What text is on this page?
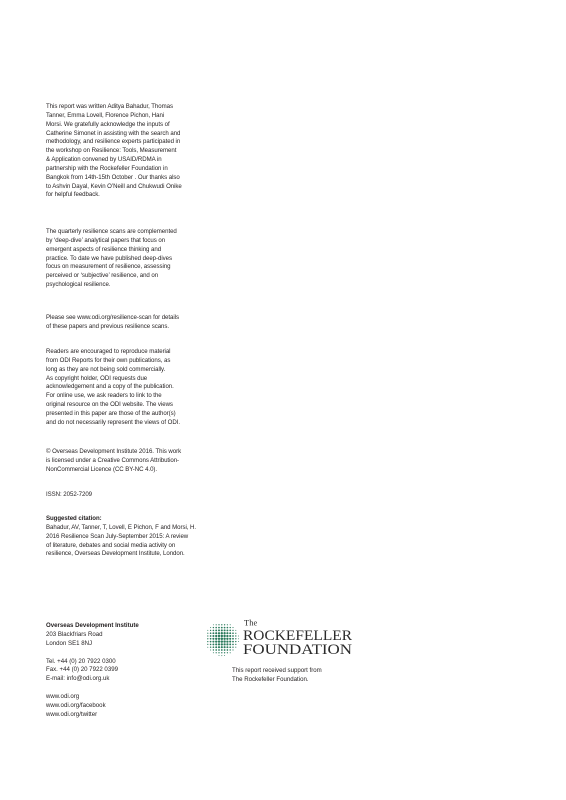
This report was written Aditya Bahadur, Thomas
Tanner, Emma Lovell, Florence Pichon, Hani
Morsi. We gratefully acknowledge the inputs of
Catherine Simonet in assisting with the search and
methodology, and resilience experts participated in
the workshop on Resilience: Tools, Measurement
& Application convened by USAID/RDMA in
partnership with the Rockefeller Foundation in
Bangkok from 14th-15th October . Our thanks also
to Ashvin Dayal, Kevin O’Neill and Chukwudi Onike
for helpful feedback.
The quarterly resilience scans are complemented
by ‘deep-dive’ analytical papers that focus on
emergent aspects of resilience thinking and
practice. To date we have published deep-dives
focus on measurement of resilience, assessing
perceived or ‘subjective’ resilience, and on
psychological resilience.
Please see www.odi.org/resilience-scan for details
of these papers and previous resilience scans.
Readers are encouraged to reproduce material
from ODI Reports for their own publications, as
long as they are not being sold commercially.
As copyright holder, ODI requests due
acknowledgement and a copy of the publication.
For online use, we ask readers to link to the
original resource on the ODI website. The views
presented in this paper are those of the author(s)
and do not necessarily represent the views of ODI.
© Overseas Development Institute 2016. This work
is licensed under a Creative Commons Attribution-
NonCommercial Licence (CC BY-NC 4.0).
ISSN: 2052-7209
Suggested citation:
Bahadur, AV, Tanner, T, Lovell, E Pichon, F and Morsi, H.
2016 Resilience Scan July-September 2015: A review
of literature, debates and social media activity on
resilience, Overseas Development Institute, London.
Overseas Development Institute
203 Blackfriars Road
London SE1 8NJ
Tel. +44 (0) 20 7922 0300
Fax. +44 (0) 20 7922 0399
E-mail: info@odi.org.uk
www.odi.org
www.odi.org/facebook
www.odi.org/twitter
The
ROCKEFELLER
FOUNDATION
This report received support from
The Rockefeller Foundation.
